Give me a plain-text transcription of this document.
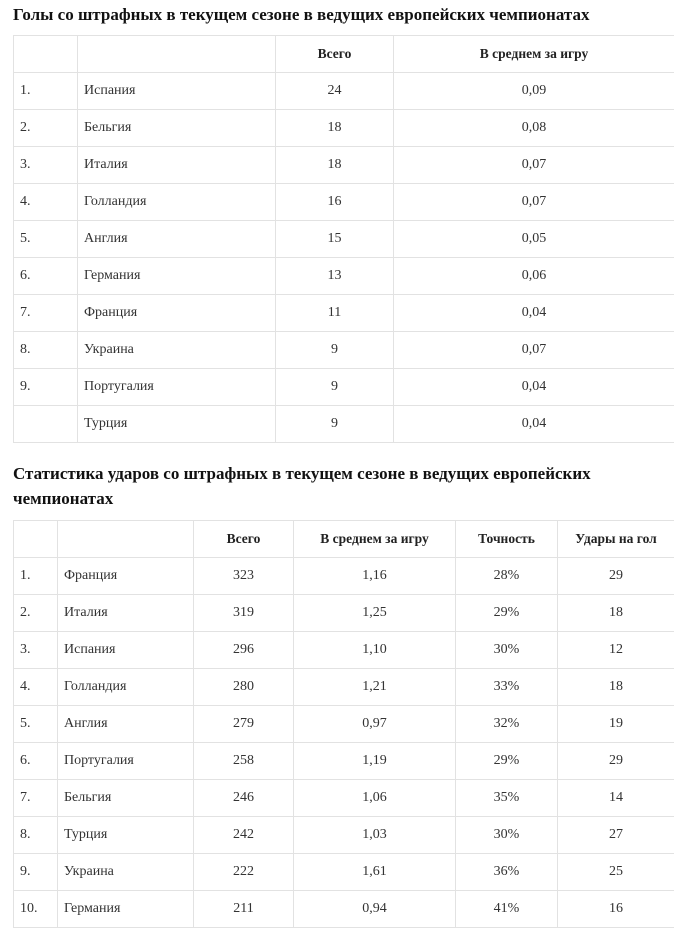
Голы со штрафных в текущем сезоне в ведущих европейских чемпионатах
		Всего	В среднем за игру
1.	Испания	24	0,09
2.	Бельгия	18	0,08
3.	Италия	18	0,07
4.	Голландия	16	0,07
5.	Англия	15	0,05
6.	Германия	13	0,06
7.	Франция	11	0,04
8.	Украина	9	0,07
9.	Португалия	9	0,04
	Турция	9	0,04
Статистика ударов со штрафных в текущем сезоне в ведущих европейских чемпионатах
		Всего	В среднем за игру	Точность	Удары на гол
1.	Франция	323	1,16	28%	29
2.	Италия	319	1,25	29%	18
3.	Испания	296	1,10	30%	12
4.	Голландия	280	1,21	33%	18
5.	Англия	279	0,97	32%	19
6.	Португалия	258	1,19	29%	29
7.	Бельгия	246	1,06	35%	14
8.	Турция	242	1,03	30%	27
9.	Украина	222	1,61	36%	25
10.	Германия	211	0,94	41%	16
